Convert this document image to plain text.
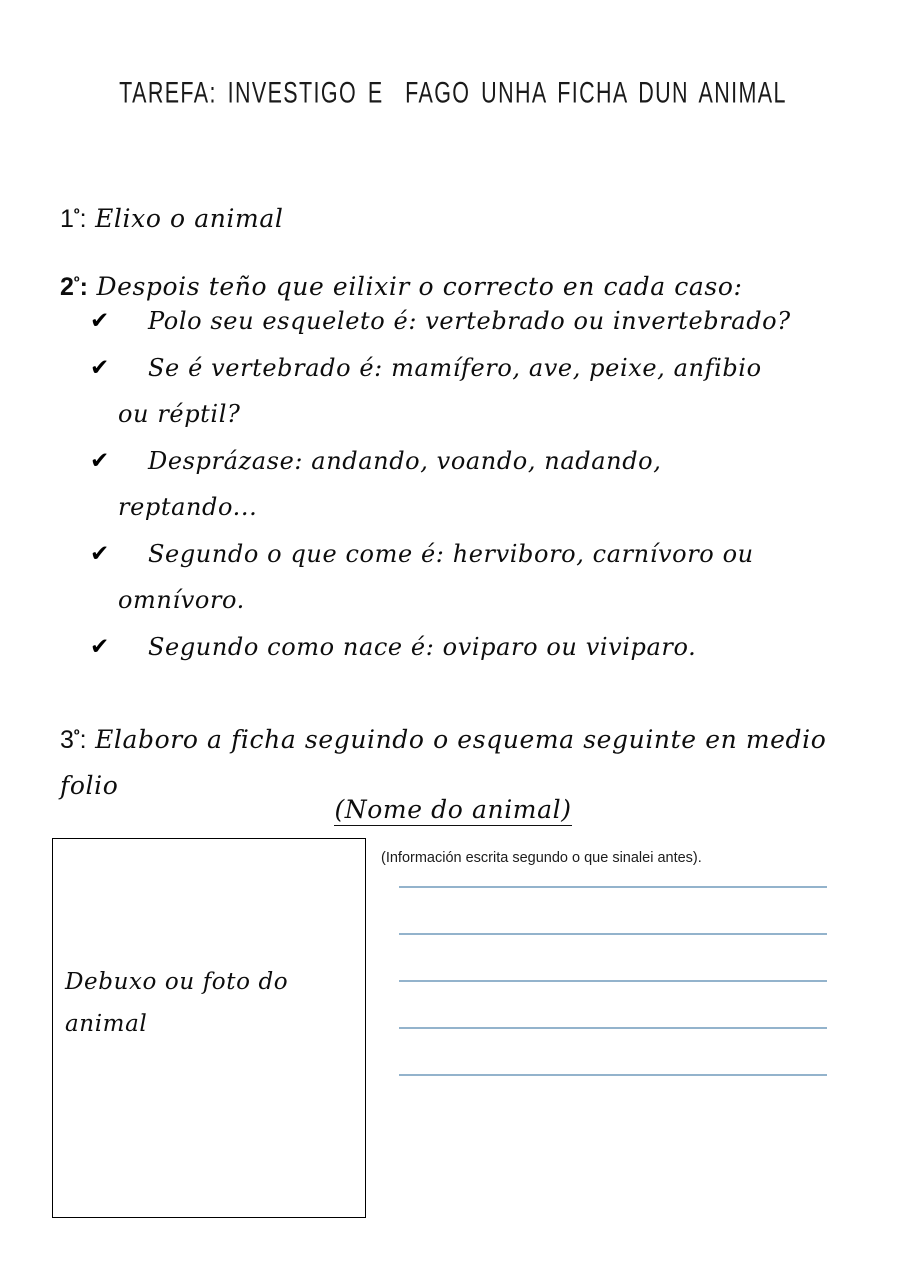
TAREFA: INVESTIGO E  FAGO UNHA FICHA DUN ANIMAL

$1^º$: Elixo o animal

$2^º$: Despois teño que eilixir o correcto en cada caso:

✔	Polo seu esqueleto é: vertebrado ou invertebrado?
✔	Se é vertebrado é: mamífero, ave, peixe, anfibio
ou réptil?
✔	Desprázase: andando, voando, nadando,
reptando...
✔	Segundo o que come é: herviboro, carnívoro ou
omnívoro.
✔	Segundo como nace é: oviparo ou viviparo.

$3^º$: Elaboro a ficha seguindo o esquema seguinte en medio folio

(Nome do animal)
Debuxo ou foto do animal
(Información escrita segundo o que sinalei antes).
